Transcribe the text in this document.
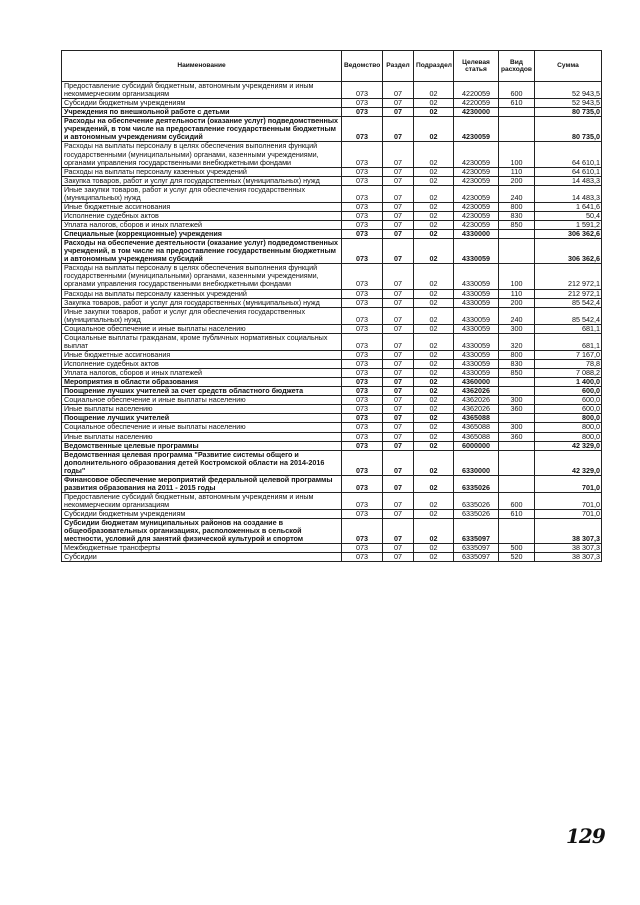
Наименование	Ведомство	Раздел	Подраздел	Целевая статья	Вид расходов	Сумма
Предоставление субсидий бюджетным, автономным учреждениям и иным некоммерческим организациям	073	07	02	4220059	600	52 943,5
Субсидии бюджетным учреждениям	073	07	02	4220059	610	52 943,5
Учреждения по внешкольной работе с детьми	073	07	02	4230000		80 735,0
Расходы на обеспечение деятельности (оказание услуг) подведомственных учреждений, в том числе на предоставление государственным бюджетным и автономным учреждениям субсидий	073	07	02	4230059		80 735,0
Расходы на выплаты персоналу в целях обеспечения выполнения функций государственными (муниципальными) органами, казенными учреждениями, органами управления государственными внебюджетными фондами	073	07	02	4230059	100	64 610,1
Расходы на выплаты персоналу казенных учреждений	073	07	02	4230059	110	64 610,1
Закупка товаров, работ и услуг для государственных (муниципальных) нужд	073	07	02	4230059	200	14 483,3
Иные закупки товаров, работ и услуг для обеспечения государственных (муниципальных) нужд	073	07	02	4230059	240	14 483,3
Иные бюджетные ассигнования	073	07	02	4230059	800	1 641,6
Исполнение судебных актов	073	07	02	4230059	830	50,4
Уплата налогов, сборов и иных платежей	073	07	02	4230059	850	1 591,2
Специальные (коррекционные) учреждения	073	07	02	4330000		306 362,6
Расходы на обеспечение деятельности (оказание услуг) подведомственных учреждений, в том числе на предоставление государственным бюджетным и автономным учреждениям субсидий	073	07	02	4330059		306 362,6
Расходы на выплаты персоналу в целях обеспечения выполнения функций государственными (муниципальными) органами, казенными учреждениями, органами управления государственными внебюджетными фондами	073	07	02	4330059	100	212 972,1
Расходы на выплаты персоналу казенных учреждений	073	07	02	4330059	110	212 972,1
Закупка товаров, работ и услуг для государственных (муниципальных) нужд	073	07	02	4330059	200	85 542,4
Иные закупки товаров, работ и услуг для обеспечения государственных (муниципальных) нужд	073	07	02	4330059	240	85 542,4
Социальное обеспечение и иные выплаты населению	073	07	02	4330059	300	681,1
Социальные выплаты гражданам, кроме публичных нормативных социальных выплат	073	07	02	4330059	320	681,1
Иные бюджетные ассигнования	073	07	02	4330059	800	7 167,0
Исполнение судебных актов	073	07	02	4330059	830	78,8
Уплата налогов, сборов и иных платежей	073	07	02	4330059	850	7 088,2
Мероприятия в области образования	073	07	02	4360000		1 400,0
Поощрение лучших учителей за счет средств областного бюджета	073	07	02	4362026		600,0
Социальное обеспечение и иные выплаты населению	073	07	02	4362026	300	600,0
Иные выплаты населению	073	07	02	4362026	360	600,0
Поощрение лучших учителей	073	07	02	4365088		800,0
Социальное обеспечение и иные выплаты населению	073	07	02	4365088	300	800,0
Иные выплаты населению	073	07	02	4365088	360	800,0
Ведомственные целевые программы	073	07	02	6000000		42 329,0
Ведомственная целевая программа "Развитие системы общего и дополнительного образования детей Костромской области на 2014-2016 годы"	073	07	02	6330000		42 329,0
Финансовое обеспечение мероприятий федеральной целевой программы развития образования на 2011 - 2015 годы	073	07	02	6335026		701,0
Предоставление субсидий бюджетным, автономным учреждениям и иным некоммерческим организациям	073	07	02	6335026	600	701,0
Субсидии бюджетным учреждениям	073	07	02	6335026	610	701,0
Субсидии бюджетам муниципальных районов на создание в общеобразовательных организациях, расположенных в сельской местности, условий для занятий физической культурой и спортом	073	07	02	6335097		38 307,3
Межбюджетные трансферты	073	07	02	6335097	500	38 307,3
Субсидии	073	07	02	6335097	520	38 307,3
129
